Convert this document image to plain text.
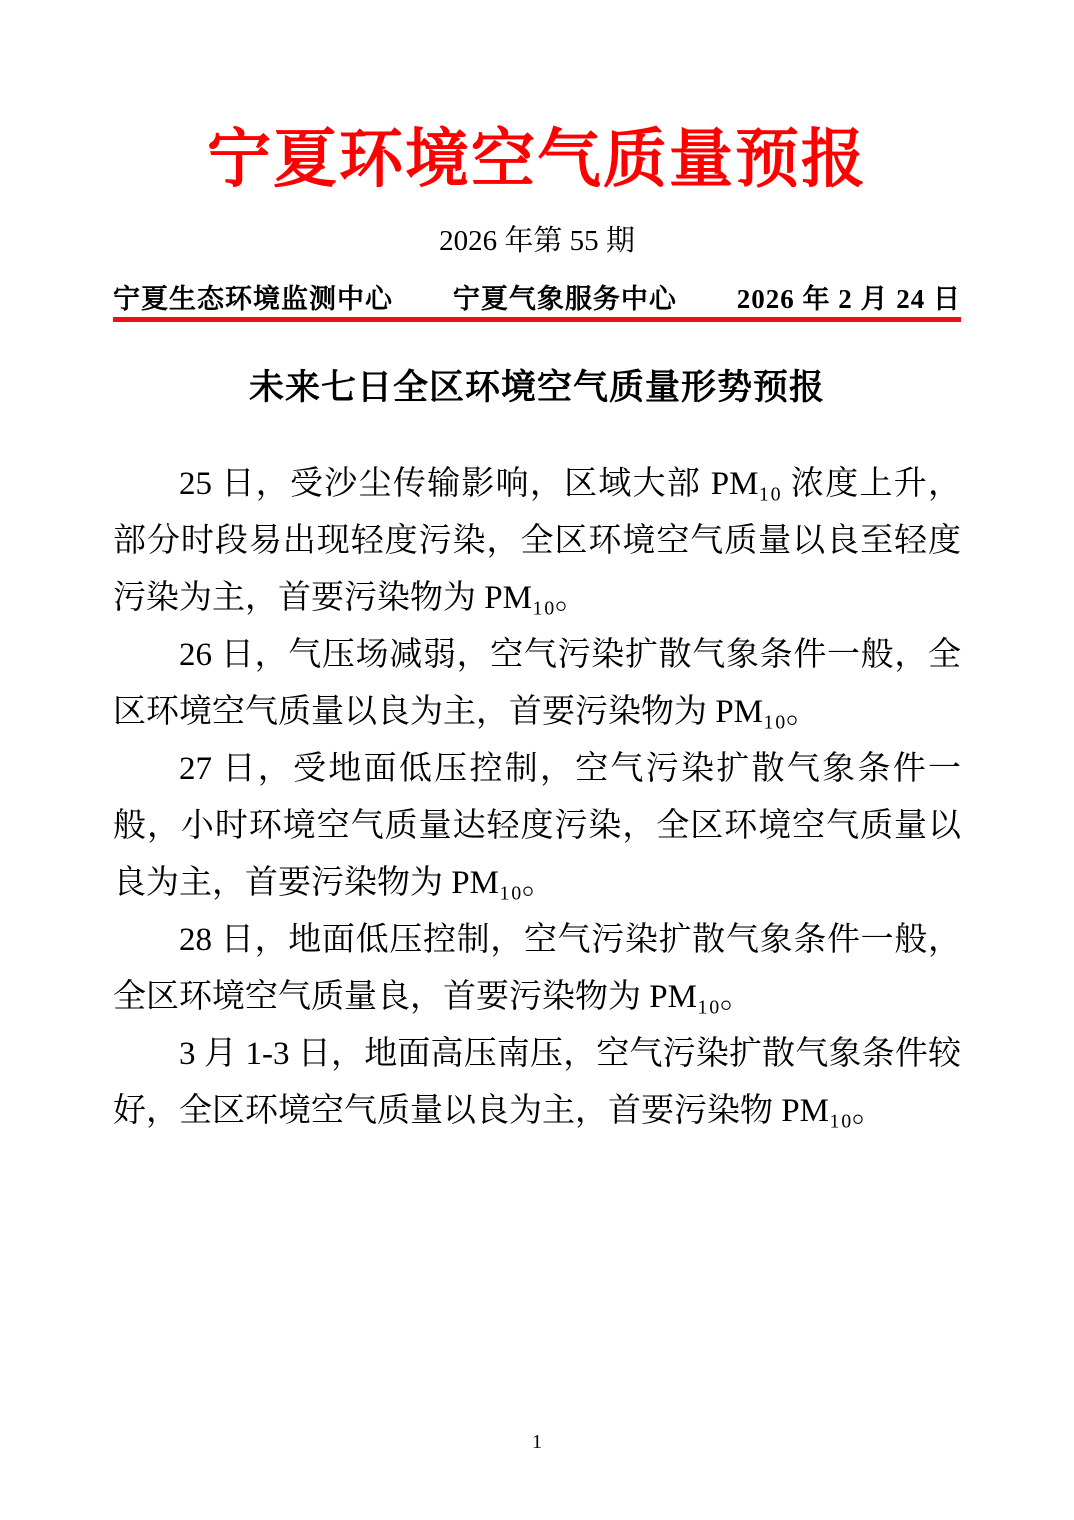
宁夏环境空气质量预报
2026 年第 55 期
宁夏生态环境监测中心 宁夏气象服务中心 2026 年 2 月 24 日
未来七日全区环境空气质量形势预报

25 日，受沙尘传输影响，区域大部 PM₁₀ 浓度上升，部分时段易出现轻度污染，全区环境空气质量以良至轻度污染为主，首要污染物为 PM₁₀。

26 日，气压场减弱，空气污染扩散气象条件一般，全区环境空气质量以良为主，首要污染物为 PM₁₀。

27 日，受地面低压控制，空气污染扩散气象条件一般，小时环境空气质量达轻度污染，全区环境空气质量以良为主，首要污染物为 PM₁₀。

28 日，地面低压控制，空气污染扩散气象条件一般，全区环境空气质量良，首要污染物为 PM₁₀。

3 月 1-3 日，地面高压南压，空气污染扩散气象条件较好，全区环境空气质量以良为主，首要污染物 PM₁₀。

1
